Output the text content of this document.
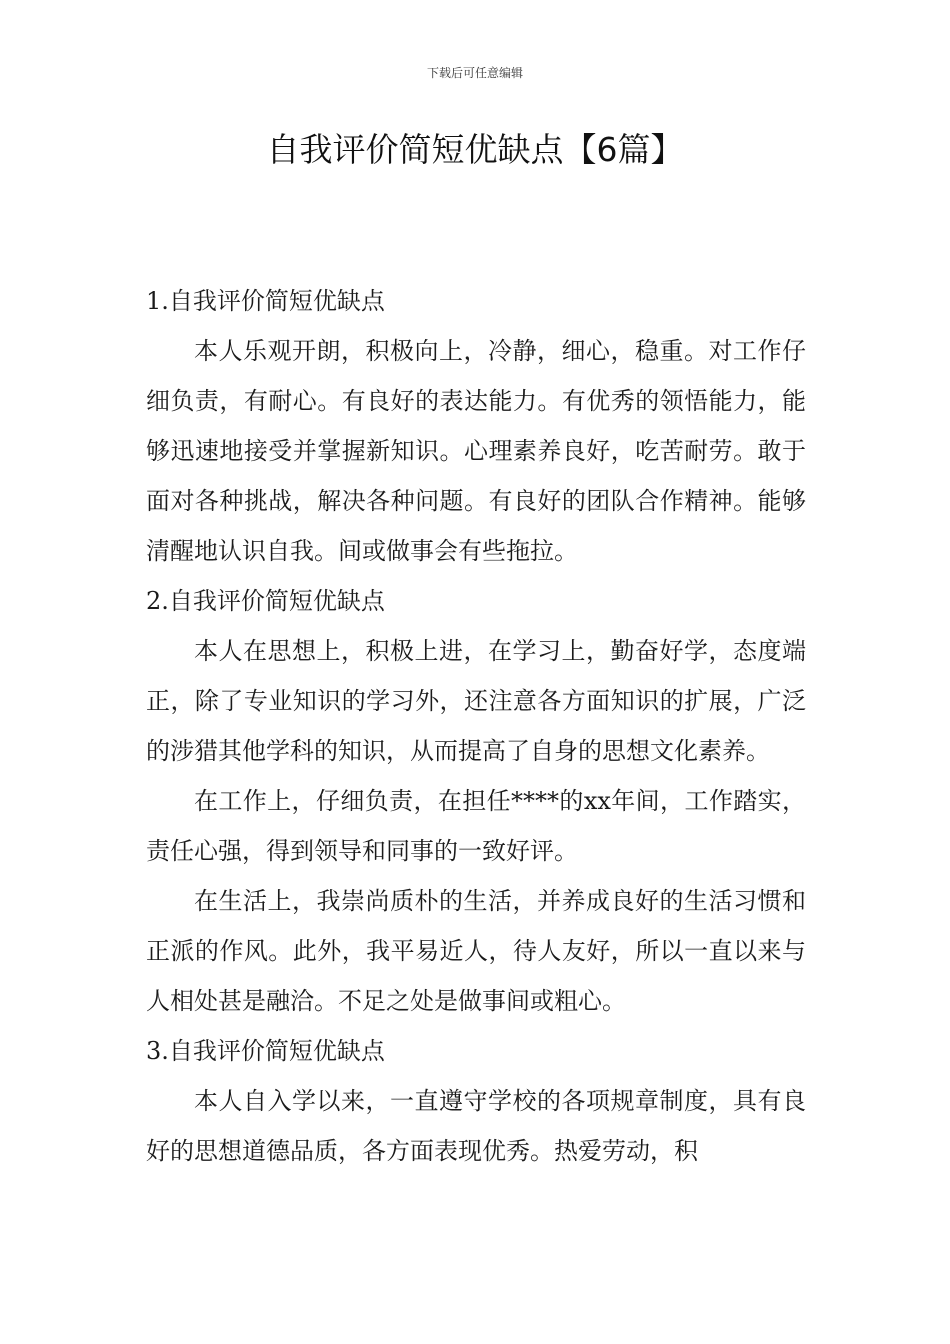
下载后可任意编辑
自我评价简短优缺点【6篇】

1.自我评价简短优缺点

本人乐观开朗，积极向上，冷静，细心，稳重。对工作仔细负责，有耐心。有良好的表达能力。有优秀的领悟能力，能够迅速地接受并掌握新知识。心理素养良好，吃苦耐劳。敢于面对各种挑战，解决各种问题。有良好的团队合作精神。能够清醒地认识自我。间或做事会有些拖拉。

2.自我评价简短优缺点

本人在思想上，积极上进，在学习上，勤奋好学，态度端正，除了专业知识的学习外，还注意各方面知识的扩展，广泛的涉猎其他学科的知识，从而提高了自身的思想文化素养。

在工作上，仔细负责，在担任****的xx年间，工作踏实，责任心强，得到领导和同事的一致好评。

在生活上，我崇尚质朴的生活，并养成良好的生活习惯和正派的作风。此外，我平易近人，待人友好，所以一直以来与人相处甚是融洽。不足之处是做事间或粗心。

3.自我评价简短优缺点

本人自入学以来，一直遵守学校的各项规章制度，具有良好的思想道德品质，各方面表现优秀。热爱劳动，积
